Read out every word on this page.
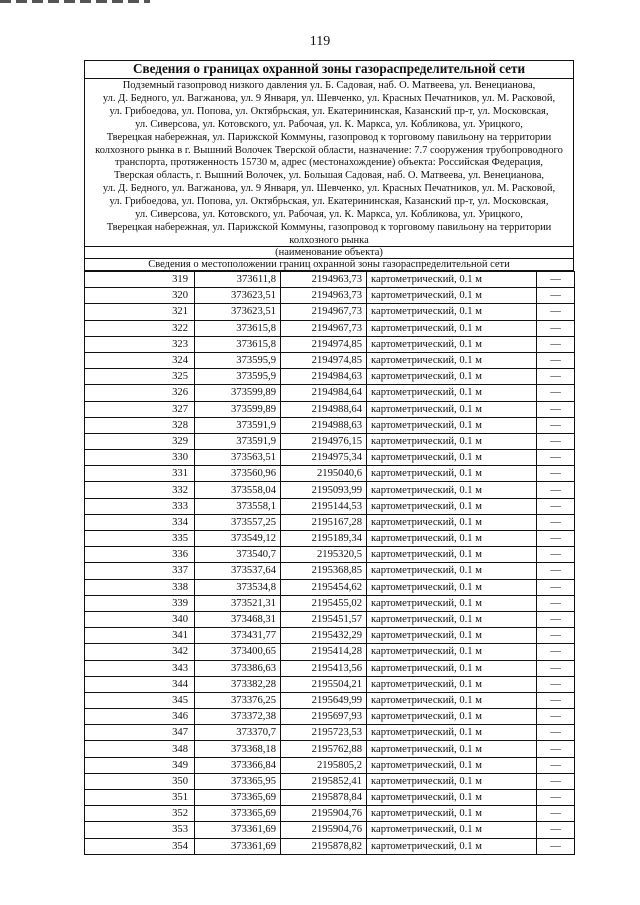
119
Сведения о границах охранной зоны газораспределительной сети
Подземный газопровод низкого давления ул. Б. Садовая, наб. О. Матвеева, ул. Венецианова,
ул. Д. Бедного, ул. Вагжанова, ул. 9 Января, ул. Шевченко, ул. Красных Печатников, ул. М. Расковой,
ул. Грибоедова, ул. Попова, ул. Октябрьская, ул. Екатерининская, Казанский пр-т, ул. Московская,
ул. Сиверсова, ул. Котовского, ул. Рабочая, ул. К. Маркса, ул. Кобликова, ул. Урицкого,
Тверецкая набережная, ул. Парижской Коммуны, газопровод к торговому павильону на территории
колхозного рынка в г. Вышний Волочек Тверской области, назначение: 7.7 сооружения трубопроводного
транспорта, протяженность 15730 м, адрес (местонахождение) объекта: Российская Федерация,
Тверская область, г. Вышний Волочек, ул. Большая Садовая, наб. О. Матвеева, ул. Венецианова,
ул. Д. Бедного, ул. Вагжанова, ул. 9 Января, ул. Шевченко, ул. Красных Печатников, ул. М. Расковой,
ул. Грибоедова, ул. Попова, ул. Октябрьская, ул. Екатерининская, Казанский пр-т, ул. Московская,
ул. Сиверсова, ул. Котовского, ул. Рабочая, ул. К. Маркса, ул. Кобликова, ул. Урицкого,
Тверецкая набережная, ул. Парижской Коммуны, газопровод к торговому павильону на территории
колхозного рынка
(наименование объекта)
Сведения о местоположении границ охранной зоны газораспределительной сети
319	373611,8	2194963,73	картометрический, 0.1 м	—
320	373623,51	2194963,73	картометрический, 0.1 м	—
321	373623,51	2194967,73	картометрический, 0.1 м	—
322	373615,8	2194967,73	картометрический, 0.1 м	—
323	373615,8	2194974,85	картометрический, 0.1 м	—
324	373595,9	2194974,85	картометрический, 0.1 м	—
325	373595,9	2194984,63	картометрический, 0.1 м	—
326	373599,89	2194984,64	картометрический, 0.1 м	—
327	373599,89	2194988,64	картометрический, 0.1 м	—
328	373591,9	2194988,63	картометрический, 0.1 м	—
329	373591,9	2194976,15	картометрический, 0.1 м	—
330	373563,51	2194975,34	картометрический, 0.1 м	—
331	373560,96	2195040,6	картометрический, 0.1 м	—
332	373558,04	2195093,99	картометрический, 0.1 м	—
333	373558,1	2195144,53	картометрический, 0.1 м	—
334	373557,25	2195167,28	картометрический, 0.1 м	—
335	373549,12	2195189,34	картометрический, 0.1 м	—
336	373540,7	2195320,5	картометрический, 0.1 м	—
337	373537,64	2195368,85	картометрический, 0.1 м	—
338	373534,8	2195454,62	картометрический, 0.1 м	—
339	373521,31	2195455,02	картометрический, 0.1 м	—
340	373468,31	2195451,57	картометрический, 0.1 м	—
341	373431,77	2195432,29	картометрический, 0.1 м	—
342	373400,65	2195414,28	картометрический, 0.1 м	—
343	373386,63	2195413,56	картометрический, 0.1 м	—
344	373382,28	2195504,21	картометрический, 0.1 м	—
345	373376,25	2195649,99	картометрический, 0.1 м	—
346	373372,38	2195697,93	картометрический, 0.1 м	—
347	373370,7	2195723,53	картометрический, 0.1 м	—
348	373368,18	2195762,88	картометрический, 0.1 м	—
349	373366,84	2195805,2	картометрический, 0.1 м	—
350	373365,95	2195852,41	картометрический, 0.1 м	—
351	373365,69	2195878,84	картометрический, 0.1 м	—
352	373365,69	2195904,76	картометрический, 0.1 м	—
353	373361,69	2195904,76	картометрический, 0.1 м	—
354	373361,69	2195878,82	картометрический, 0.1 м	—
